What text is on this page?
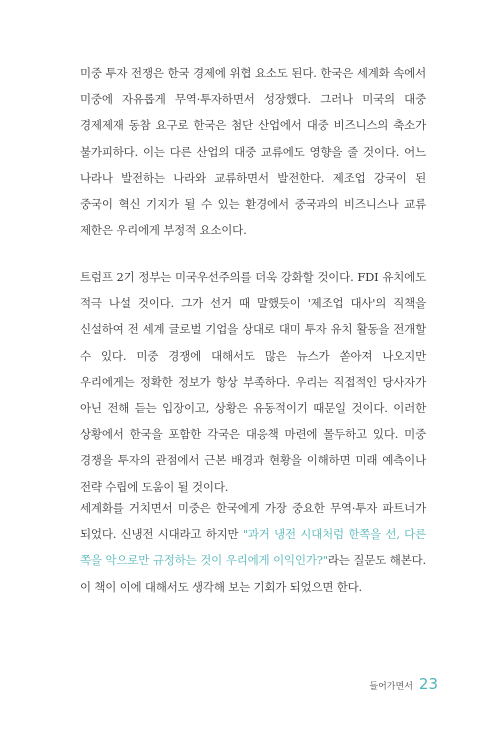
미중 투자 전쟁은 한국 경제에 위협 요소도 된다. 한국은 세계화 속에서 미중에 자유롭게 무역·투자하면서 성장했다. 그러나 미국의 대중 경제제재 동참 요구로 한국은 첨단 산업에서 대중 비즈니스의 축소가 불가피하다. 이는 다른 산업의 대중 교류에도 영향을 줄 것이다. 어느 나라나 발전하는 나라와 교류하면서 발전한다. 제조업 강국이 된 중국이 혁신 기지가 될 수 있는 환경에서 중국과의 비즈니스나 교류 제한은 우리에게 부정적 요소이다.

트럼프 2기 정부는 미국우선주의를 더욱 강화할 것이다. FDI 유치에도 적극 나설 것이다. 그가 선거 때 말했듯이 '제조업 대사'의 직책을 신설하여 전 세계 글로벌 기업을 상대로 대미 투자 유치 활동을 전개할 수 있다. 미중 경쟁에 대해서도 많은 뉴스가 쏟아져 나오지만 우리에게는 정확한 정보가 항상 부족하다. 우리는 직접적인 당사자가 아닌 전해 듣는 입장이고, 상황은 유동적이기 때문일 것이다. 이러한 상황에서 한국을 포함한 각국은 대응책 마련에 몰두하고 있다. 미중 경쟁을 투자의 관점에서 근본 배경과 현황을 이해하면 미래 예측이나 전략 수립에 도움이 될 것이다.

세계화를 거치면서 미중은 한국에게 가장 중요한 무역·투자 파트너가 되었다. 신냉전 시대라고 하지만 "과거 냉전 시대처럼 한쪽을 선, 다른 쪽을 악으로만 규정하는 것이 우리에게 이익인가?"라는 질문도 해본다. 이 책이 이에 대해서도 생각해 보는 기회가 되었으면 한다.

들어가면서 23
